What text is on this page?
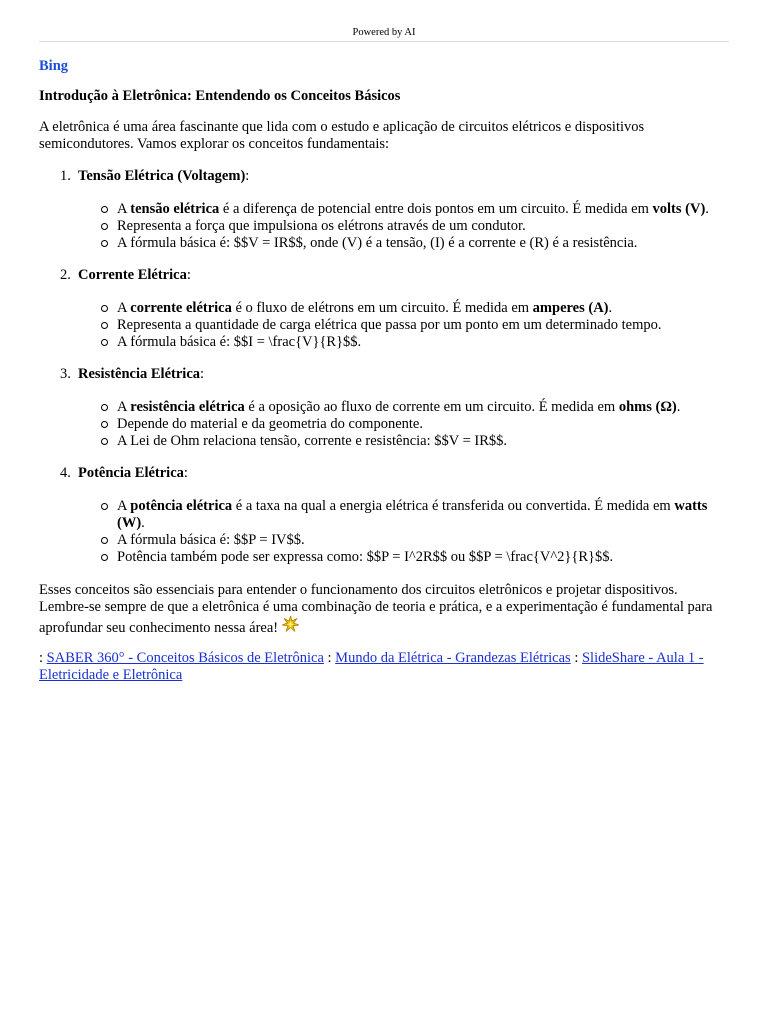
Powered by AI
Bing
Introdução à Eletrônica: Entendendo os Conceitos Básicos

A eletrônica é uma área fascinante que lida com o estudo e aplicação de circuitos elétricos e dispositivos semicondutores. Vamos explorar os conceitos fundamentais:

1. Tensão Elétrica (Voltagem):
A tensão elétrica é a diferença de potencial entre dois pontos em um circuito. É medida em volts (V).
Representa a força que impulsiona os elétrons através de um condutor.
A fórmula básica é: $$V = IR$$, onde (V) é a tensão, (I) é a corrente e (R) é a resistência.
2. Corrente Elétrica:
A corrente elétrica é o fluxo de elétrons em um circuito. É medida em amperes (A).
Representa a quantidade de carga elétrica que passa por um ponto em um determinado tempo.
A fórmula básica é: $$I = \frac{V}{R}$$.
3. Resistência Elétrica:
A resistência elétrica é a oposição ao fluxo de corrente em um circuito. É medida em ohms (Ω).
Depende do material e da geometria do componente.
A Lei de Ohm relaciona tensão, corrente e resistência: $$V = IR$$.
4. Potência Elétrica:
A potência elétrica é a taxa na qual a energia elétrica é transferida ou convertida. É medida em watts (W).
A fórmula básica é: $$P = IV$$.
Potência também pode ser expressa como: $$P = I^2R$$ ou $$P = \frac{V^2}{R}$$.

Esses conceitos são essenciais para entender o funcionamento dos circuitos eletrônicos e projetar dispositivos. Lembre-se sempre de que a eletrônica é uma combinação de teoria e prática, e a experimentação é fundamental para aprofundar seu conhecimento nessa área!

: SABER 360° - Conceitos Básicos de Eletrônica : Mundo da Elétrica - Grandezas Elétricas : SlideShare - Aula 1 - Eletricidade e Eletrônica
